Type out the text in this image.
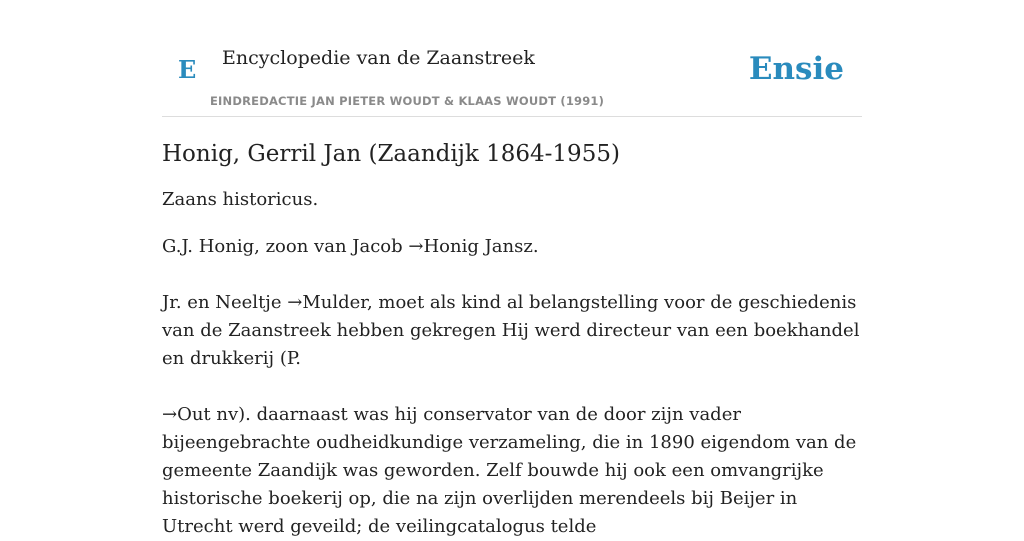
E Encyclopedie van de Zaanstreek
EINDREDACTIE JAN PIETER WOUDT & KLAAS WOUDT (1991)
Ensie
Honig, Gerril Jan (Zaandijk 1864-1955)

Zaans historicus.

G.J. Honig, zoon van Jacob →Honig Jansz.

Jr. en Neeltje →Mulder, moet als kind al belangstelling voor de geschiedenis van de Zaanstreek hebben gekregen Hij werd directeur van een boekhandel en drukkerij (P.

→Out nv). daarnaast was hij conservator van de door zijn vader bijeengebrachte oudheidkundige verzameling, die in 1890 eigendom van de gemeente Zaandijk was geworden. Zelf bouwde hij ook een omvangrijke historische boekerij op, die na zijn overlijden merendeels bij Beijer in Utrecht werd geveild; de veilingcatalogus telde
